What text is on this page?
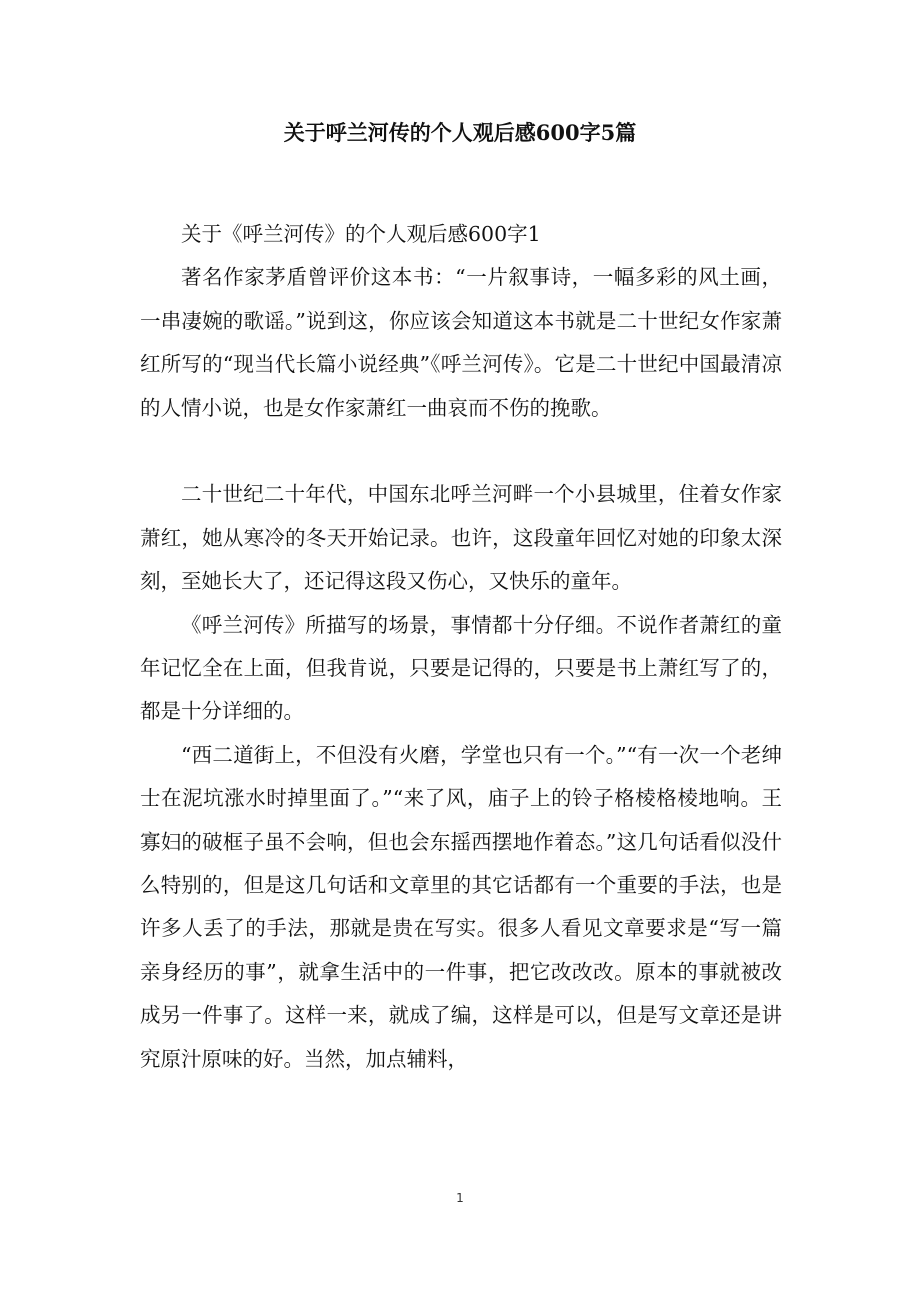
关于呼兰河传的个人观后感600字5篇

关于《呼兰河传》的个人观后感600字1

著名作家茅盾曾评价这本书：“一片叙事诗，一幅多彩的风土画，一串凄婉的歌谣。”说到这，你应该会知道这本书就是二十世纪女作家萧红所写的“现当代长篇小说经典”《呼兰河传》。它是二十世纪中国最清凉的人情小说，也是女作家萧红一曲哀而不伤的挽歌。

二十世纪二十年代，中国东北呼兰河畔一个小县城里，住着女作家萧红，她从寒冷的冬天开始记录。也许，这段童年回忆对她的印象太深刻，至她长大了，还记得这段又伤心，又快乐的童年。

《呼兰河传》所描写的场景，事情都十分仔细。不说作者萧红的童年记忆全在上面，但我肯说，只要是记得的，只要是书上萧红写了的，都是十分详细的。

“西二道街上，不但没有火磨，学堂也只有一个。”“有一次一个老绅士在泥坑涨水时掉里面了。”“来了风，庙子上的铃子格棱格棱地响。王寡妇的破框子虽不会响，但也会东摇西摆地作着态。”这几句话看似没什么特别的，但是这几句话和文章里的其它话都有一个重要的手法，也是许多人丢了的手法，那就是贵在写实。很多人看见文章要求是“写一篇亲身经历的事”，就拿生活中的一件事，把它改改改。原本的事就被改成另一件事了。这样一来，就成了编，这样是可以，但是写文章还是讲究原汁原味的好。当然，加点辅料，

1
